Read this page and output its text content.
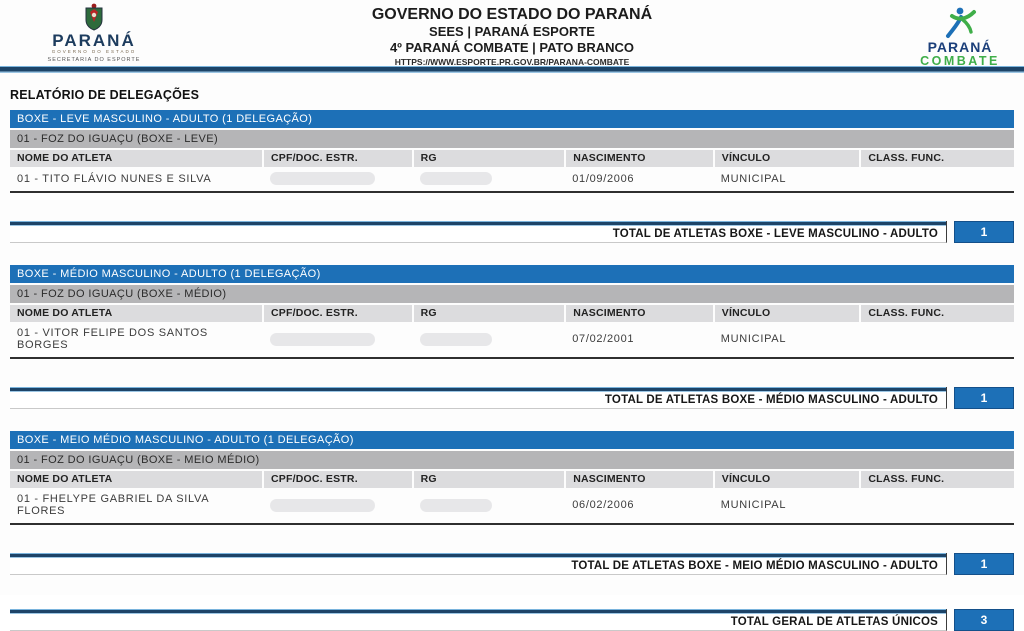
PARANÁ
GOVERNO DO ESTADO
SECRETARIA DO ESPORTE
GOVERNO DO ESTADO DO PARANÁ
SEES | PARANÁ ESPORTE
4º PARANÁ COMBATE | PATO BRANCO
HTTPS://WWW.ESPORTE.PR.GOV.BR/PARANA-COMBATE
PARANÁ
COMBATE
RELATÓRIO DE DELEGAÇÕES
BOXE - LEVE MASCULINO - ADULTO (1 DELEGAÇÃO)
01 - FOZ DO IGUAÇU (BOXE - LEVE)
NOME DO ATLETA	CPF/DOC. ESTR.	RG	NASCIMENTO	VÍNCULO	CLASS. FUNC.
01 - TITO FLÁVIO NUNES E SILVA			01/09/2006	MUNICIPAL	
TOTAL DE ATLETAS BOXE - LEVE MASCULINO - ADULTO	1
BOXE - MÉDIO MASCULINO - ADULTO (1 DELEGAÇÃO)
01 - FOZ DO IGUAÇU (BOXE - MÉDIO)
NOME DO ATLETA	CPF/DOC. ESTR.	RG	NASCIMENTO	VÍNCULO	CLASS. FUNC.
01 - VITOR FELIPE DOS SANTOS BORGES			07/02/2001	MUNICIPAL	
TOTAL DE ATLETAS BOXE - MÉDIO MASCULINO - ADULTO	1
BOXE - MEIO MÉDIO MASCULINO - ADULTO (1 DELEGAÇÃO)
01 - FOZ DO IGUAÇU (BOXE - MEIO MÉDIO)
NOME DO ATLETA	CPF/DOC. ESTR.	RG	NASCIMENTO	VÍNCULO	CLASS. FUNC.
01 - FHELYPE GABRIEL DA SILVA FLORES			06/02/2006	MUNICIPAL	
TOTAL DE ATLETAS BOXE - MEIO MÉDIO MASCULINO - ADULTO	1
TOTAL GERAL DE ATLETAS ÚNICOS	3
